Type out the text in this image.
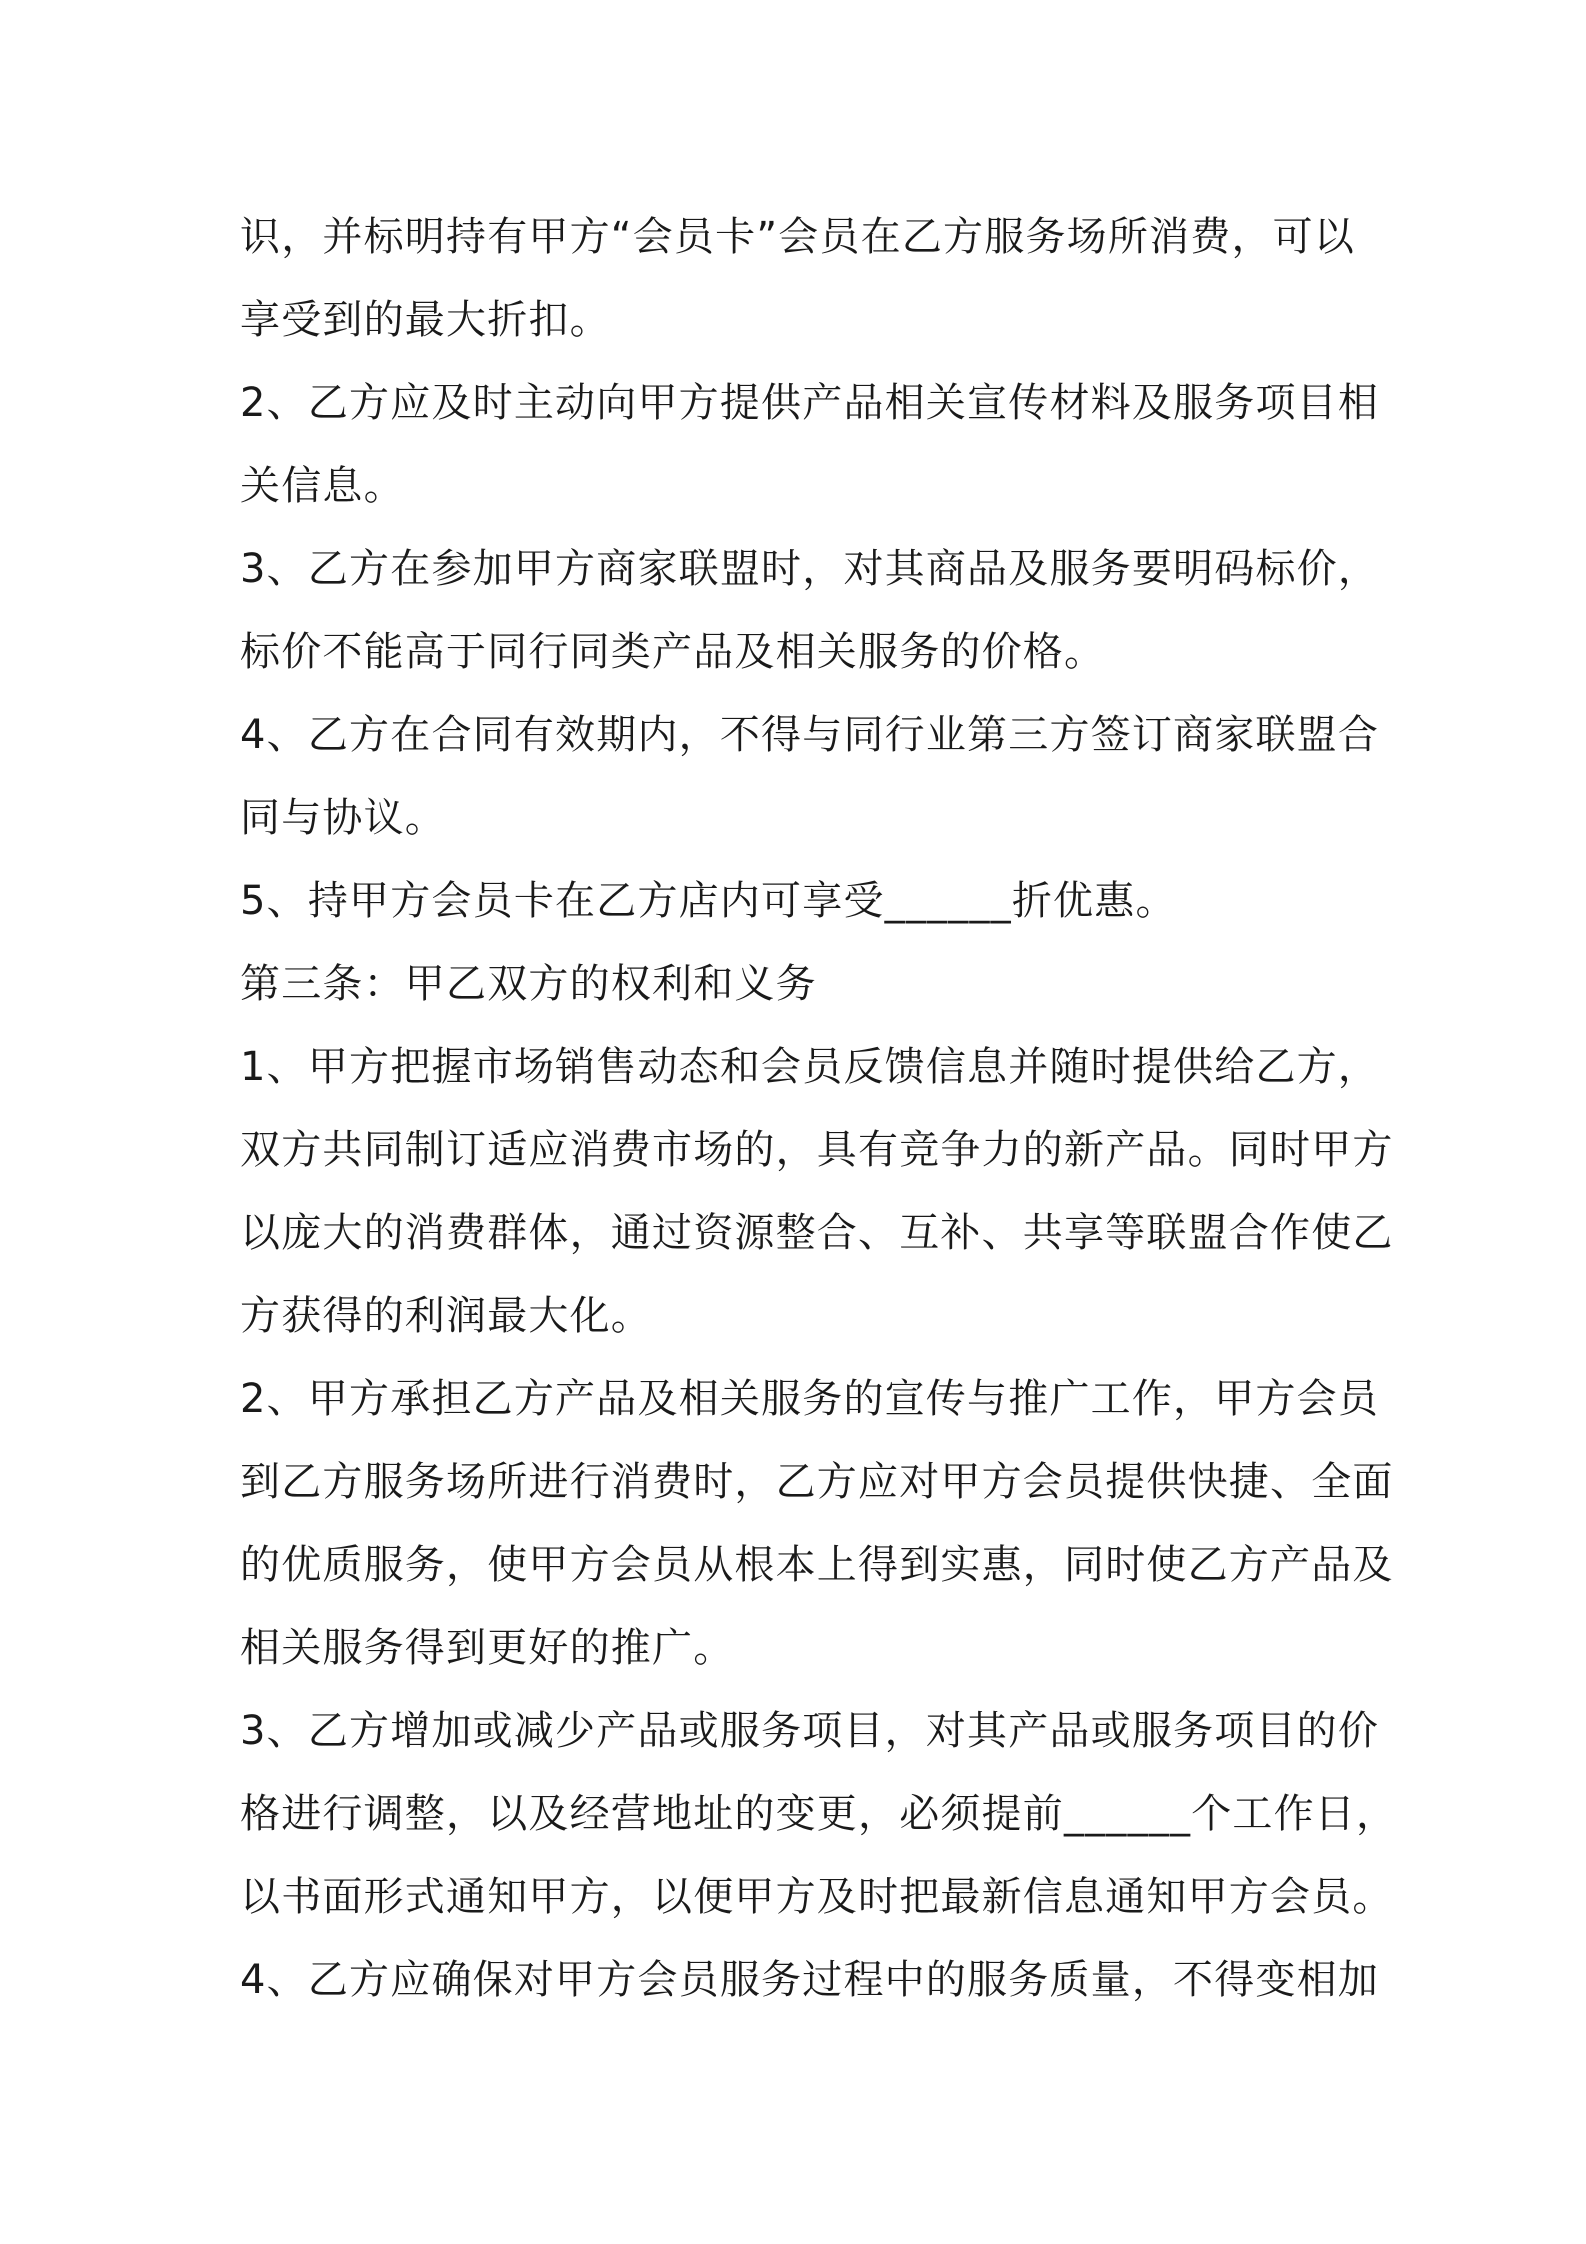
识，并标明持有甲方“会员卡”会员在乙方服务场所消费，可以
享受到的最大折扣。
2、乙方应及时主动向甲方提供产品相关宣传材料及服务项目相
关信息。
3、乙方在参加甲方商家联盟时，对其商品及服务要明码标价，
标价不能高于同行同类产品及相关服务的价格。
4、乙方在合同有效期内，不得与同行业第三方签订商家联盟合
同与协议。
5、持甲方会员卡在乙方店内可享受______折优惠。
第三条：甲乙双方的权利和义务
1、甲方把握市场销售动态和会员反馈信息并随时提供给乙方，
双方共同制订适应消费市场的，具有竞争力的新产品。同时甲方
以庞大的消费群体，通过资源整合、互补、共享等联盟合作使乙
方获得的利润最大化。
2、甲方承担乙方产品及相关服务的宣传与推广工作，甲方会员
到乙方服务场所进行消费时，乙方应对甲方会员提供快捷、全面
的优质服务，使甲方会员从根本上得到实惠，同时使乙方产品及
相关服务得到更好的推广。
3、乙方增加或减少产品或服务项目，对其产品或服务项目的价
格进行调整，以及经营地址的变更，必须提前______个工作日，
以书面形式通知甲方，以便甲方及时把最新信息通知甲方会员。
4、乙方应确保对甲方会员服务过程中的服务质量，不得变相加
